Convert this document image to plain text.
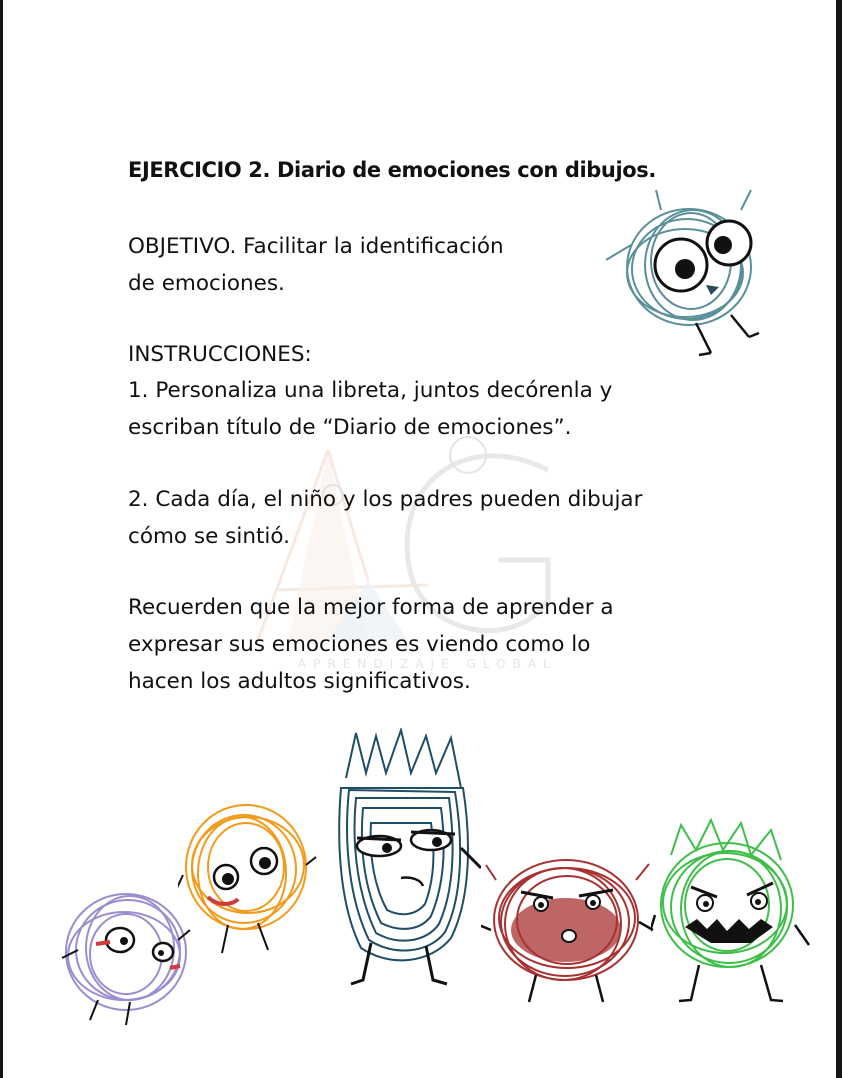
APRENDIZAJE GLOBAL

EJERCICIO 2. Diario de emociones con dibujos.

OBJETIVO. Facilitar la identificación
de emociones.

INSTRUCCIONES:

1. Personaliza una libreta, juntos decórenla y
escriban título de “Diario de emociones”.

2. Cada día, el niño y los padres pueden dibujar
cómo se sintió.

Recuerden que la mejor forma de aprender a
expresar sus emociones es viendo como lo
hacen los adultos significativos.
